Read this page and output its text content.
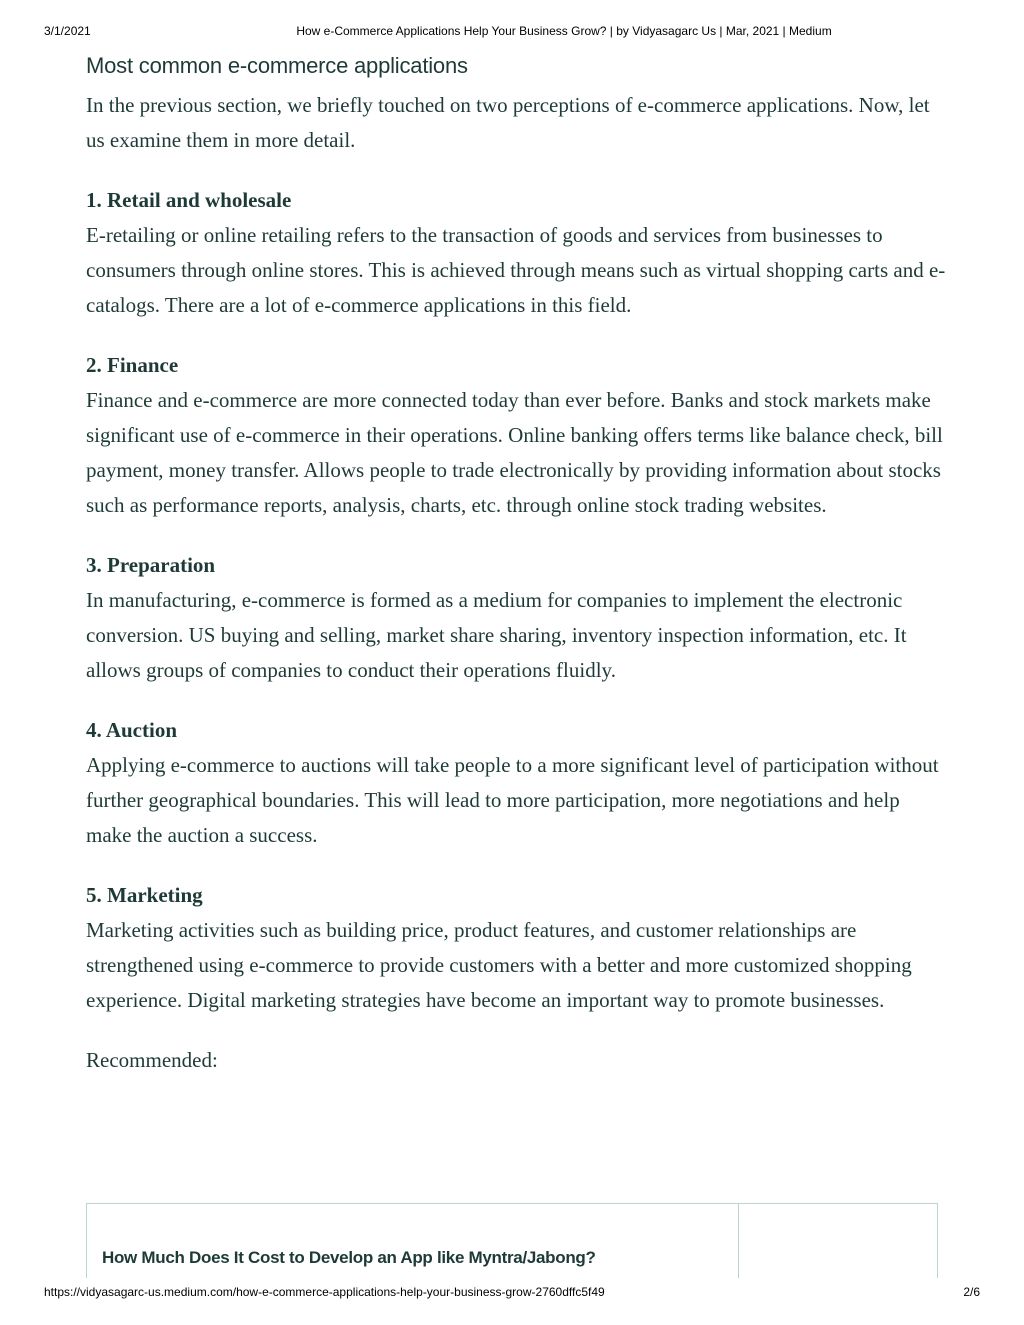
3/1/2021	How e-Commerce Applications Help Your Business Grow? | by Vidyasagarc Us | Mar, 2021 | Medium
Most common e-commerce applications

In the previous section, we briefly touched on two perceptions of e-commerce applications. Now, let us examine them in more detail.

1. Retail and wholesale

E-retailing or online retailing refers to the transaction of goods and services from businesses to consumers through online stores. This is achieved through means such as virtual shopping carts and e-catalogs. There are a lot of e-commerce applications in this field.

2. Finance

Finance and e-commerce are more connected today than ever before. Banks and stock markets make significant use of e-commerce in their operations. Online banking offers terms like balance check, bill payment, money transfer. Allows people to trade electronically by providing information about stocks such as performance reports, analysis, charts, etc. through online stock trading websites.

3. Preparation

In manufacturing, e-commerce is formed as a medium for companies to implement the electronic conversion. US buying and selling, market share sharing, inventory inspection information, etc. It allows groups of companies to conduct their operations fluidly.

4. Auction

Applying e-commerce to auctions will take people to a more significant level of participation without further geographical boundaries. This will lead to more participation, more negotiations and help make the auction a success.

5. Marketing

Marketing activities such as building price, product features, and customer relationships are strengthened using e-commerce to provide customers with a better and more customized shopping experience. Digital marketing strategies have become an important way to promote businesses.

Recommended:

How Much Does It Cost to Develop an App like Myntra/Jabong?
https://vidyasagarc-us.medium.com/how-e-commerce-applications-help-your-business-grow-2760dffc5f49	2/6
